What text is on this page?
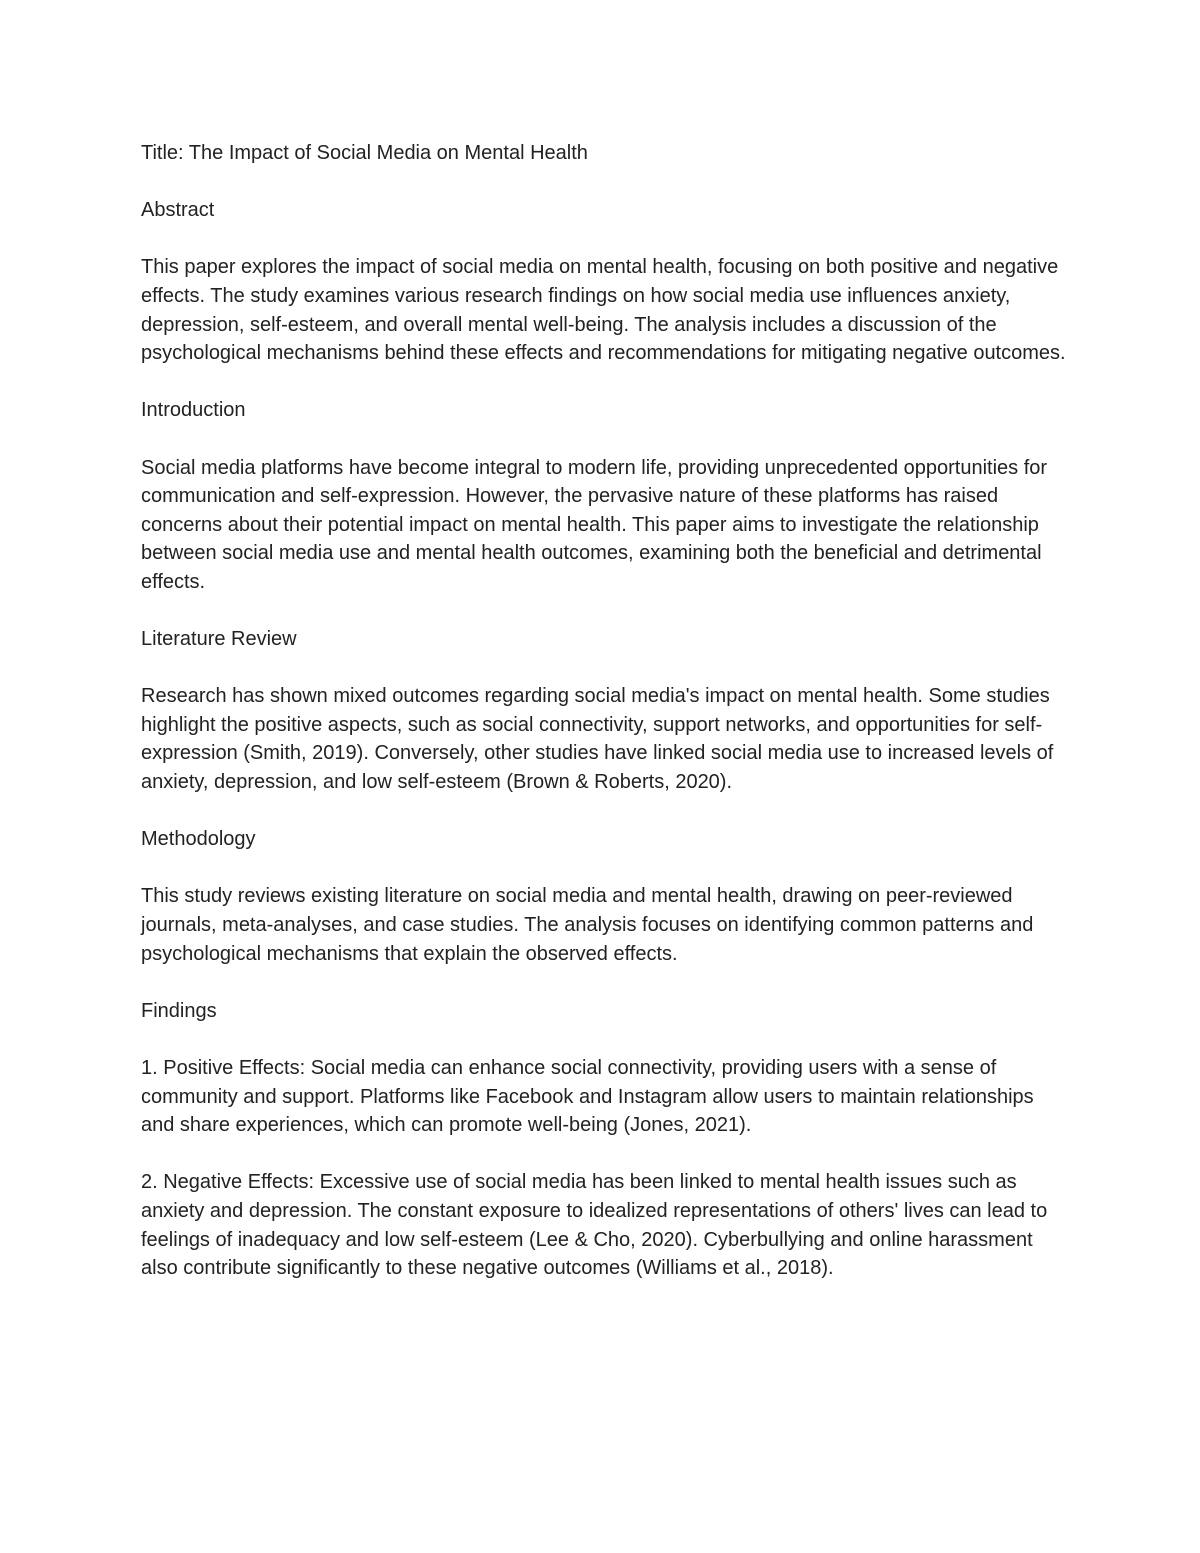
Title: The Impact of Social Media on Mental Health

Abstract

This paper explores the impact of social media on mental health, focusing on both positive and negative effects. The study examines various research findings on how social media use influences anxiety, depression, self-esteem, and overall mental well-being. The analysis includes a discussion of the psychological mechanisms behind these effects and recommendations for mitigating negative outcomes.

Introduction

Social media platforms have become integral to modern life, providing unprecedented opportunities for communication and self-expression. However, the pervasive nature of these platforms has raised concerns about their potential impact on mental health. This paper aims to investigate the relationship between social media use and mental health outcomes, examining both the beneficial and detrimental effects.

Literature Review

Research has shown mixed outcomes regarding social media's impact on mental health. Some studies highlight the positive aspects, such as social connectivity, support networks, and opportunities for self-expression (Smith, 2019). Conversely, other studies have linked social media use to increased levels of anxiety, depression, and low self-esteem (Brown & Roberts, 2020).

Methodology

This study reviews existing literature on social media and mental health, drawing on peer-reviewed journals, meta-analyses, and case studies. The analysis focuses on identifying common patterns and psychological mechanisms that explain the observed effects.

Findings

1. Positive Effects: Social media can enhance social connectivity, providing users with a sense of community and support. Platforms like Facebook and Instagram allow users to maintain relationships and share experiences, which can promote well-being (Jones, 2021).

2. Negative Effects: Excessive use of social media has been linked to mental health issues such as anxiety and depression. The constant exposure to idealized representations of others' lives can lead to feelings of inadequacy and low self-esteem (Lee & Cho, 2020). Cyberbullying and online harassment also contribute significantly to these negative outcomes (Williams et al., 2018).
